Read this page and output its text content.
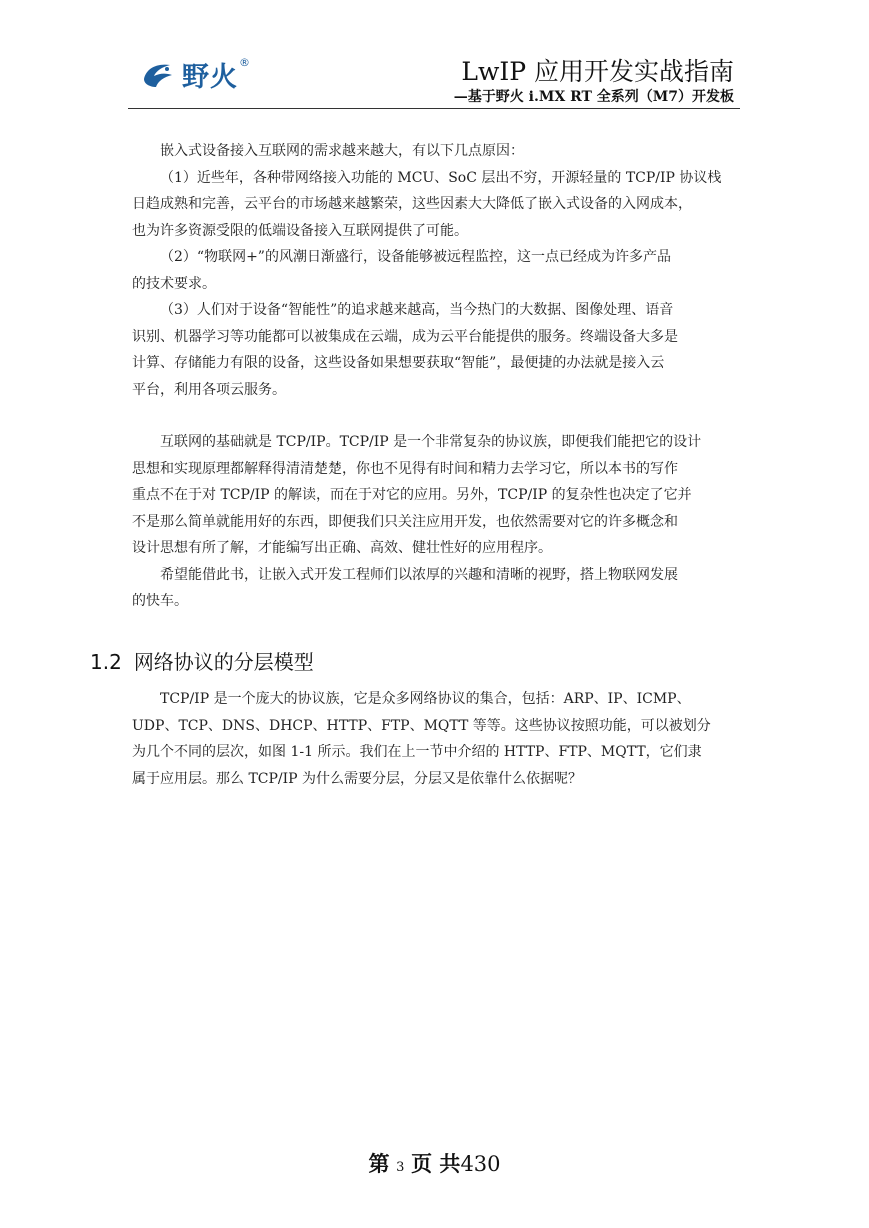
野火 ®	LwIP 应用开发实战指南
—基于野火 i.MX RT 全系列（M7）开发板

嵌入式设备接入互联网的需求越来越大，有以下几点原因：

（1）近些年，各种带网络接入功能的 MCU、SoC 层出不穷，开源轻量的 TCP/IP 协议栈

日趋成熟和完善，云平台的市场越来越繁荣，这些因素大大降低了嵌入式设备的入网成本，

也为许多资源受限的低端设备接入互联网提供了可能。

（2）“物联网+”的风潮日渐盛行，设备能够被远程监控，这一点已经成为许多产品

的技术要求。

（3）人们对于设备“智能性”的追求越来越高，当今热门的大数据、图像处理、语音

识别、机器学习等功能都可以被集成在云端，成为云平台能提供的服务。终端设备大多是

计算、存储能力有限的设备，这些设备如果想要获取“智能”，最便捷的办法就是接入云

平台，利用各项云服务。

互联网的基础就是 TCP/IP。TCP/IP 是一个非常复杂的协议族，即便我们能把它的设计

思想和实现原理都解释得清清楚楚，你也不见得有时间和精力去学习它，所以本书的写作

重点不在于对 TCP/IP 的解读，而在于对它的应用。另外，TCP/IP 的复杂性也决定了它并

不是那么简单就能用好的东西，即便我们只关注应用开发，也依然需要对它的许多概念和

设计思想有所了解，才能编写出正确、高效、健壮性好的应用程序。

希望能借此书，让嵌入式开发工程师们以浓厚的兴趣和清晰的视野，搭上物联网发展

的快车。

1.2 网络协议的分层模型

TCP/IP 是一个庞大的协议族，它是众多网络协议的集合，包括：ARP、IP、ICMP、

UDP、TCP、DNS、DHCP、HTTP、FTP、MQTT 等等。这些协议按照功能，可以被划分

为几个不同的层次，如图 1-1 所示。我们在上一节中介绍的 HTTP、FTP、MQTT，它们隶

属于应用层。那么 TCP/IP 为什么需要分层，分层又是依靠什么依据呢？

第 3 页 共430
